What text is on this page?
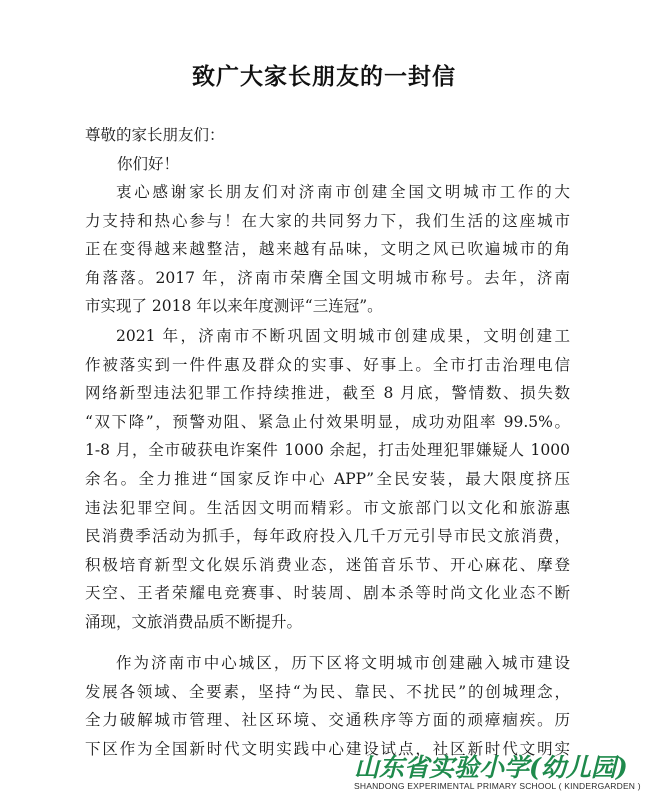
致广大家长朋友的一封信
尊敬的家长朋友们：
你们好！
衷心感谢家长朋友们对济南市创建全国文明城市工作的大
力支持和热心参与！在大家的共同努力下，我们生活的这座城市
正在变得越来越整洁，越来越有品味，文明之风已吹遍城市的角
角落落。2017 年，济南市荣膺全国文明城市称号。去年，济南
市实现了 2018 年以来年度测评“三连冠”。
2021 年，济南市不断巩固文明城市创建成果，文明创建工
作被落实到一件件惠及群众的实事、好事上。全市打击治理电信
网络新型违法犯罪工作持续推进，截至 8 月底，警情数、损失数
“双下降”，预警劝阻、紧急止付效果明显，成功劝阻率 99.5%。
1-8 月，全市破获电诈案件 1000 余起，打击处理犯罪嫌疑人 1000
余名。全力推进“国家反诈中心 APP”全民安装，最大限度挤压
违法犯罪空间。生活因文明而精彩。市文旅部门以文化和旅游惠
民消费季活动为抓手，每年政府投入几千万元引导市民文旅消费，
积极培育新型文化娱乐消费业态，迷笛音乐节、开心麻花、摩登
天空、王者荣耀电竞赛事、时装周、剧本杀等时尚文化业态不断
涌现，文旅消费品质不断提升。
作为济南市中心城区，历下区将文明城市创建融入城市建设
发展各领域、全要素，坚持“为民、靠民、不扰民”的创城理念，
全力破解城市管理、社区环境、交通秩序等方面的顽瘴痼疾。历
下区作为全国新时代文明实践中心建设试点，社区新时代文明实
山东省实验小学(幼儿园)
SHANDONG EXPERIMENTAL PRIMARY SCHOOL ( KINDERGARDEN )
